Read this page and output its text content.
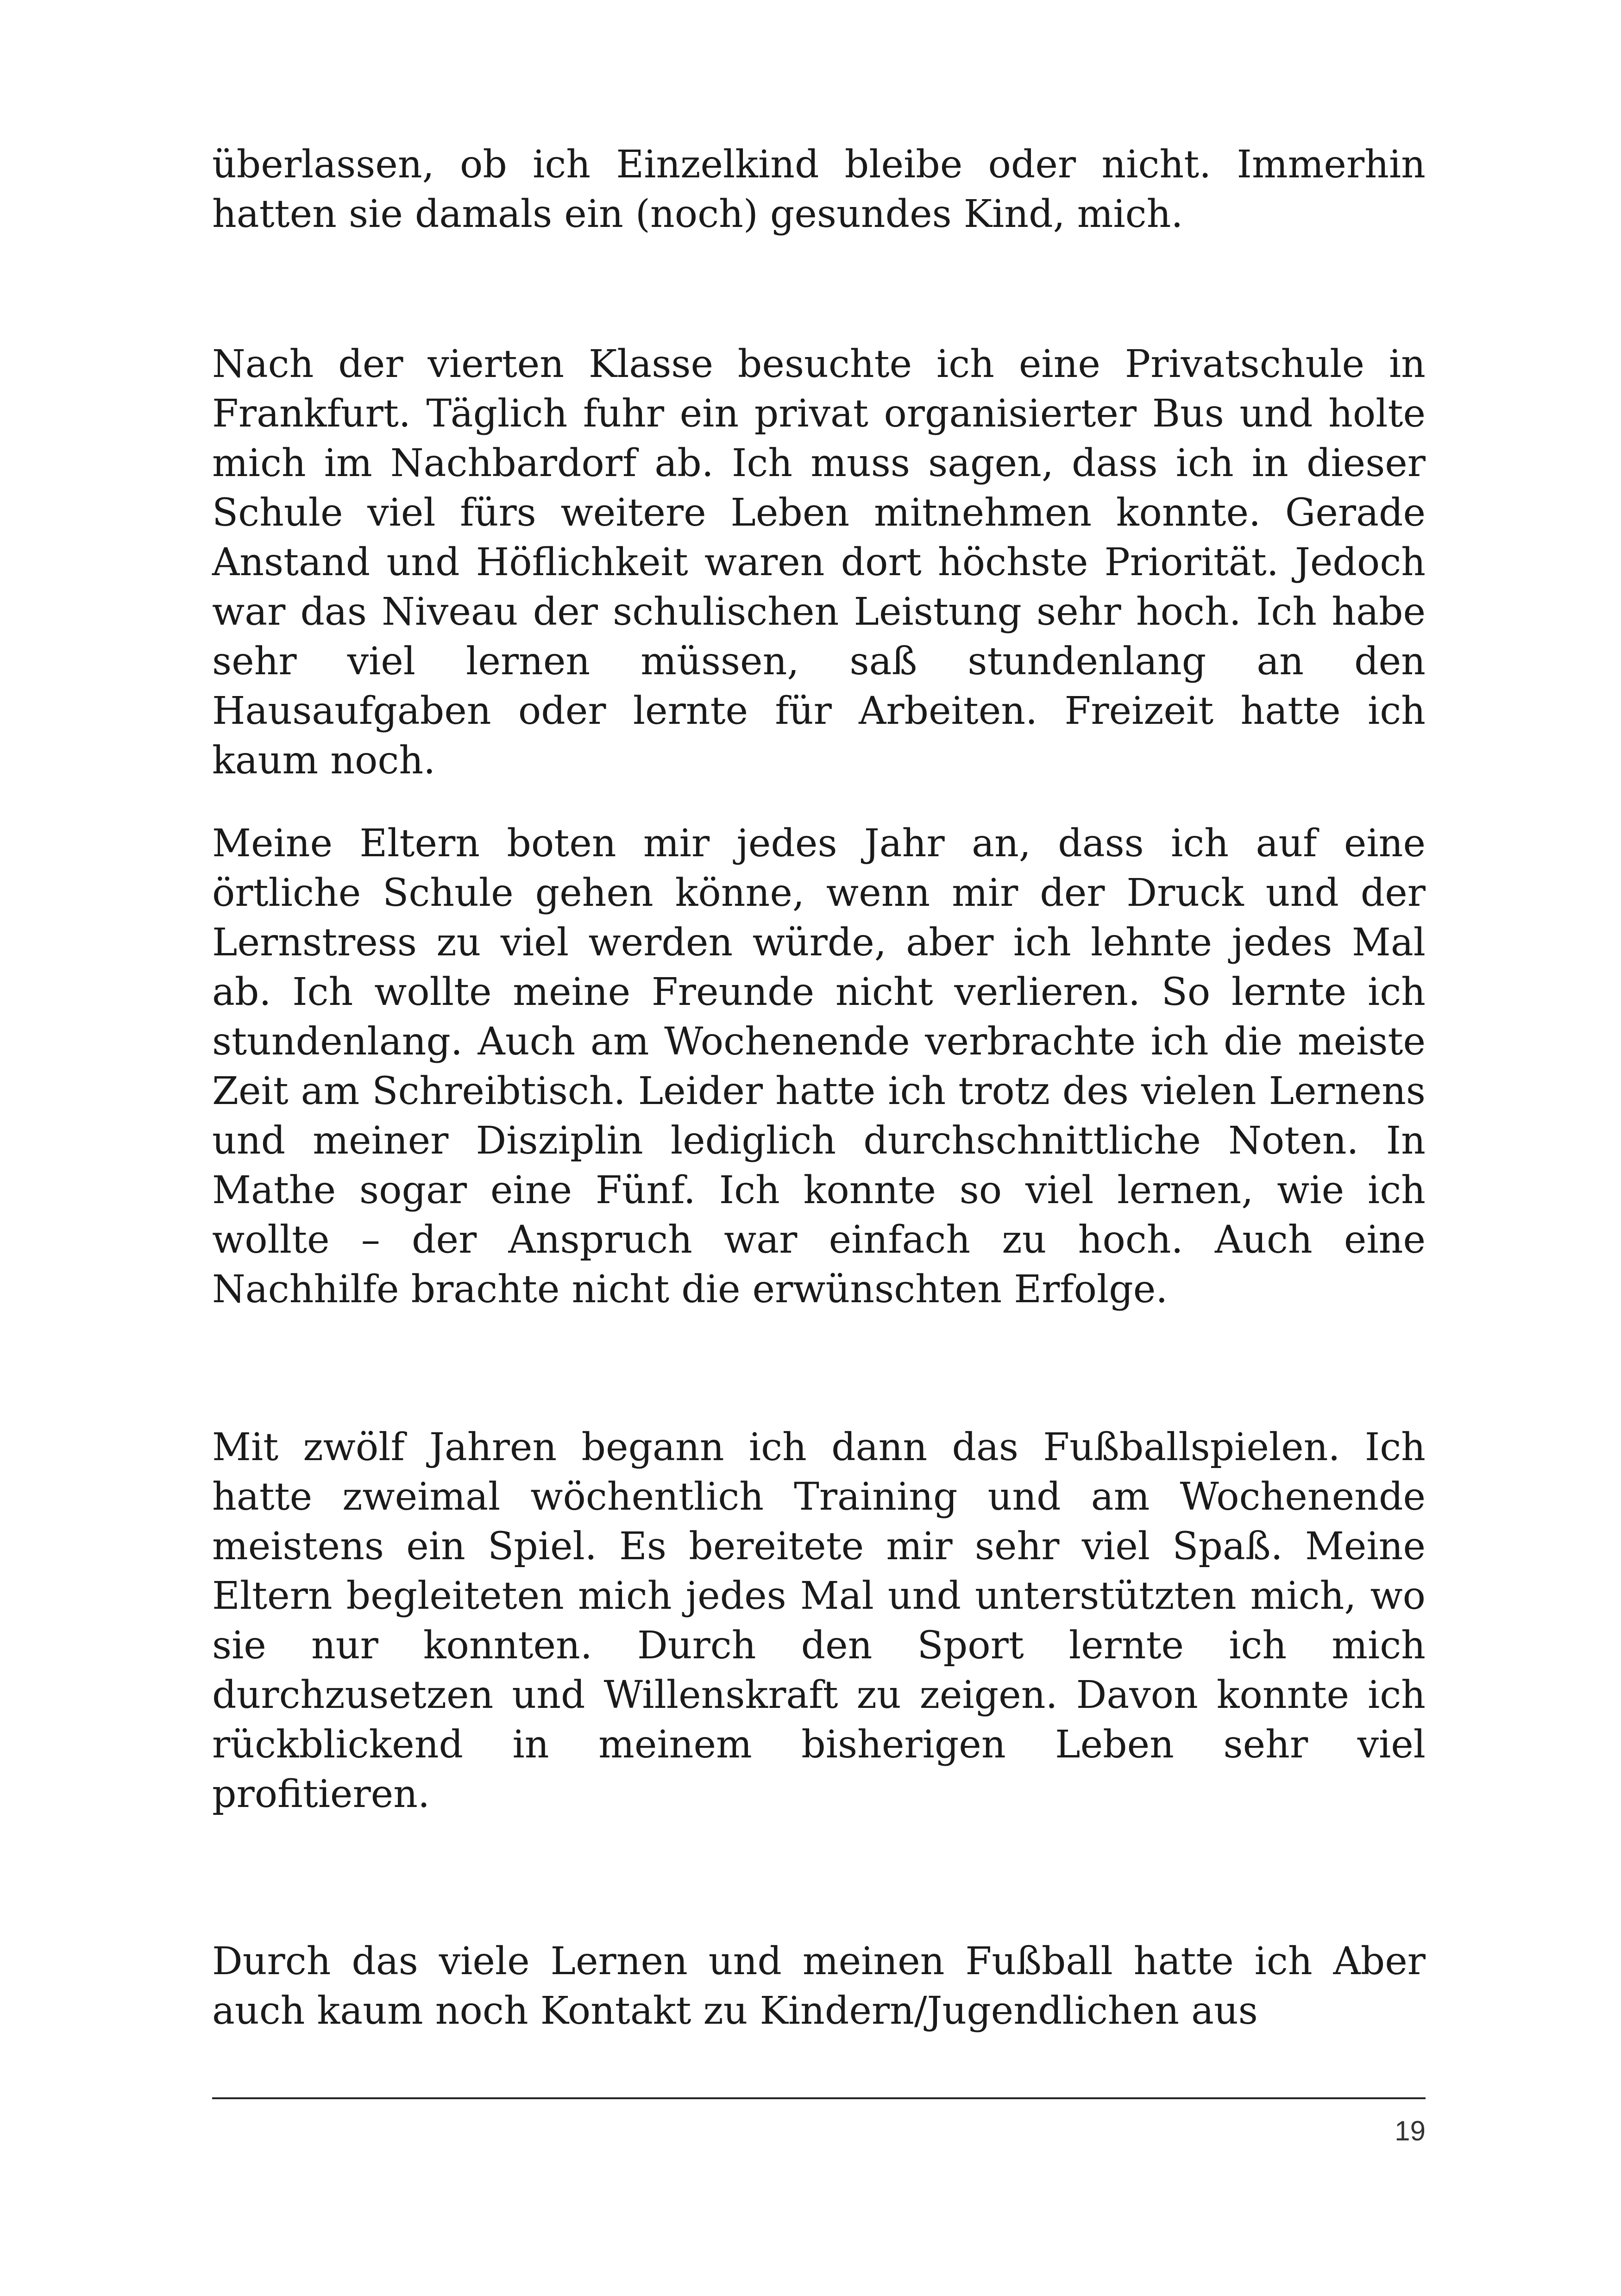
überlassen, ob ich Einzelkind bleibe oder nicht. Immerhin hatten sie damals ein (noch) gesundes Kind, mich.

Nach der vierten Klasse besuchte ich eine Privatschule in Frankfurt. Täglich fuhr ein privat organisierter Bus und holte mich im Nachbardorf ab. Ich muss sagen, dass ich in dieser Schule viel fürs weitere Leben mitnehmen konnte. Gerade Anstand und Höflichkeit waren dort höchste Priorität. Jedoch war das Niveau der schulischen Leistung sehr hoch. Ich habe sehr viel lernen müssen, saß stundenlang an den Hausaufgaben oder lernte für Arbeiten. Freizeit hatte ich kaum noch.

Meine Eltern boten mir jedes Jahr an, dass ich auf eine örtliche Schule gehen könne, wenn mir der Druck und der Lernstress zu viel werden würde, aber ich lehnte jedes Mal ab. Ich wollte meine Freunde nicht verlieren. So lernte ich stundenlang. Auch am Wochenende verbrachte ich die meiste Zeit am Schreibtisch. Leider hatte ich trotz des vielen Lernens und meiner Disziplin lediglich durchschnittliche Noten. In Mathe sogar eine Fünf. Ich konnte so viel lernen, wie ich wollte – der Anspruch war einfach zu hoch. Auch eine Nachhilfe brachte nicht die erwünschten Erfolge.

Mit zwölf Jahren begann ich dann das Fußballspielen. Ich hatte zweimal wöchentlich Training und am Wochenende meistens ein Spiel. Es bereitete mir sehr viel Spaß. Meine Eltern begleiteten mich jedes Mal und unterstützten mich, wo sie nur konnten. Durch den Sport lernte ich mich durchzusetzen und Willenskraft zu zeigen. Davon konnte ich rückblickend in meinem bisherigen Leben sehr viel profitieren.

Durch das viele Lernen und meinen Fußball hatte ich Aber auch kaum noch Kontakt zu Kindern/Jugendlichen aus

19
